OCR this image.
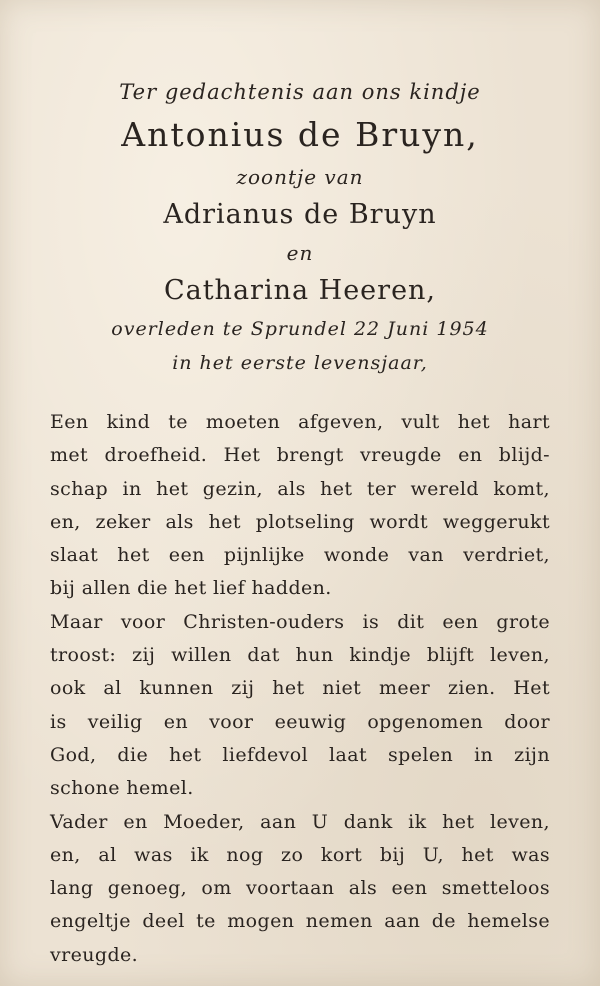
Ter gedachtenis aan ons kindje
Antonius de Bruyn,
zoontje van
Adrianus de Bruyn
en
Catharina Heeren,
overleden te Sprundel 22 Juni 1954
in het eerste levensjaar,
Een kind te moeten afgeven, vult het hart
met droefheid. Het brengt vreugde en blijd-
schap in het gezin, als het ter wereld komt,
en, zeker als het plotseling wordt weggerukt
slaat het een pijnlijke wonde van verdriet,
bij allen die het lief hadden.
Maar voor Christen-ouders is dit een grote
troost: zij willen dat hun kindje blijft leven,
ook al kunnen zij het niet meer zien. Het
is veilig en voor eeuwig opgenomen door
God, die het liefdevol laat spelen in zijn
schone hemel.
Vader en Moeder, aan U dank ik het leven,
en, al was ik nog zo kort bij U, het was
lang genoeg, om voortaan als een smetteloos
engeltje deel te mogen nemen aan de hemelse
vreugde.
